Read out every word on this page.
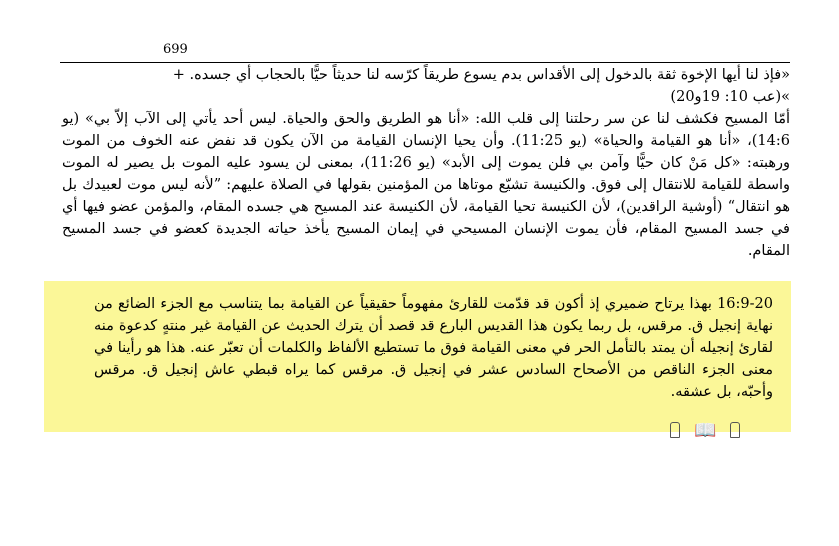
699

«فإذ لنا أيها الإخوة ثقة بالدخول إلى الأقداس بدم يسوع طريقاً كرّسه لنا حديثاً حيًّا بالحجاب أي جسده. +

»(عب 10: 19و20)

أمّا المسيح فكشف لنا عن سر رحلتنا إلى قلب الله: «أنا هو الطريق والحق والحياة. ليس أحد يأتي إلى الآب إلاّ بي» (يو 14:6)، «أنا هو القيامة والحياة» (يو 11:25). وأن يحيا الإنسان القيامة من الآن يكون قد نفض عنه الخوف من الموت ورهبته: «كل مَنْ كان حيًّا وآمن بي فلن يموت إلى الأبد» (يو 11:26)، بمعنى لن يسود عليه الموت بل يصير له الموت واسطة للقيامة للانتقال إلى فوق. والكنيسة تشيّع موتاها من المؤمنين بقولها في الصلاة عليهم: ”لأنه ليس موت لعبيدك بل هو انتقال“ (أوشية الراقدين)، لأن الكنيسة تحيا القيامة، لأن الكنيسة عند المسيح هي جسده المقام، والمؤمن عضو فيها أي في جسد المسيح المقام، فأن يموت الإنسان المسيحي في إيمان المسيح يأخذ حياته الجديدة كعضو في جسد المسيح المقام.

16:9-20 بهذا يرتاح ضميري إذ أكون قد قدّمت للقارئ مفهوماً حقيقياً عن القيامة بما يتناسب مع الجزء الضائع من نهاية إنجيل ق. مرقس، بل ربما يكون هذا القديس البارع قد قصد أن يترك الحديث عن القيامة غير منتهٍ كدعوة منه لقارئ إنجيله أن يمتد بالتأمل الحر في معنى القيامة فوق ما تستطيع الألفاظ والكلمات أن تعبّر عنه. هذا هو رأينا في معنى الجزء الناقص من الأصحاح السادس عشر في إنجيل ق. مرقس كما يراه قبطي عاش إنجيل ق. مرقس وأحبّه، بل عشقه.

📖
